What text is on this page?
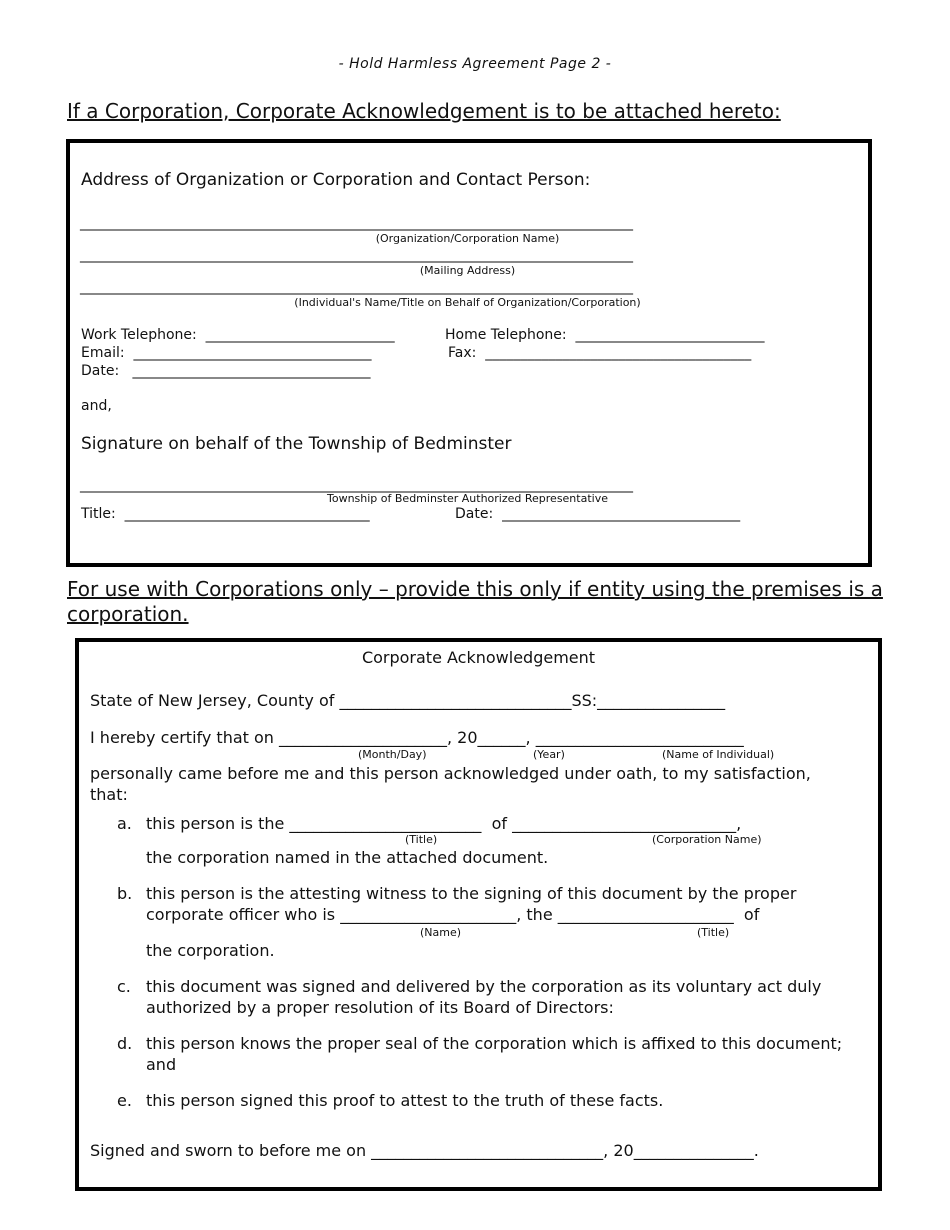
- Hold Harmless Agreement Page 2 -
If a Corporation, Corporate Acknowledgement is to be attached hereto:
Address of Organization or Corporation and Contact Person:
_______________________________________________________________________________
(Organization/Corporation Name)
_______________________________________________________________________________
(Mailing Address)
_______________________________________________________________________________
(Individual's Name/Title on Behalf of Organization/Corporation)
Work Telephone:  ___________________________	Home Telephone:  ___________________________
Email:  __________________________________	Fax:  ______________________________________
Date:   __________________________________
and,
Signature on behalf of the Township of Bedminster
_______________________________________________________________________________
Township of Bedminster Authorized Representative
Title:  ___________________________________	Date:  __________________________________
For use with Corporations only – provide this only if entity using the premises is a corporation.
Corporate Acknowledgement
State of New Jersey, County of _____________________________SS:________________
I hereby certify that on _____________________, 20______, __________________________
(Month/Day)	(Year)	(Name of Individual)
personally came before me and this person acknowledged under oath, to my satisfaction,
that:
a. this person is the ________________________  of ____________________________,
(Title)	(Corporation Name)
the corporation named in the attached document.
b. this person is the attesting witness to the signing of this document by the proper
corporate officer who is ______________________, the ______________________  of
(Name)	(Title)
the corporation.
c. this document was signed and delivered by the corporation as its voluntary act duly
authorized by a proper resolution of its Board of Directors:
d. this person knows the proper seal of the corporation which is affixed to this document;
and
e. this person signed this proof to attest to the truth of these facts.
Signed and sworn to before me on _____________________________, 20_______________.
